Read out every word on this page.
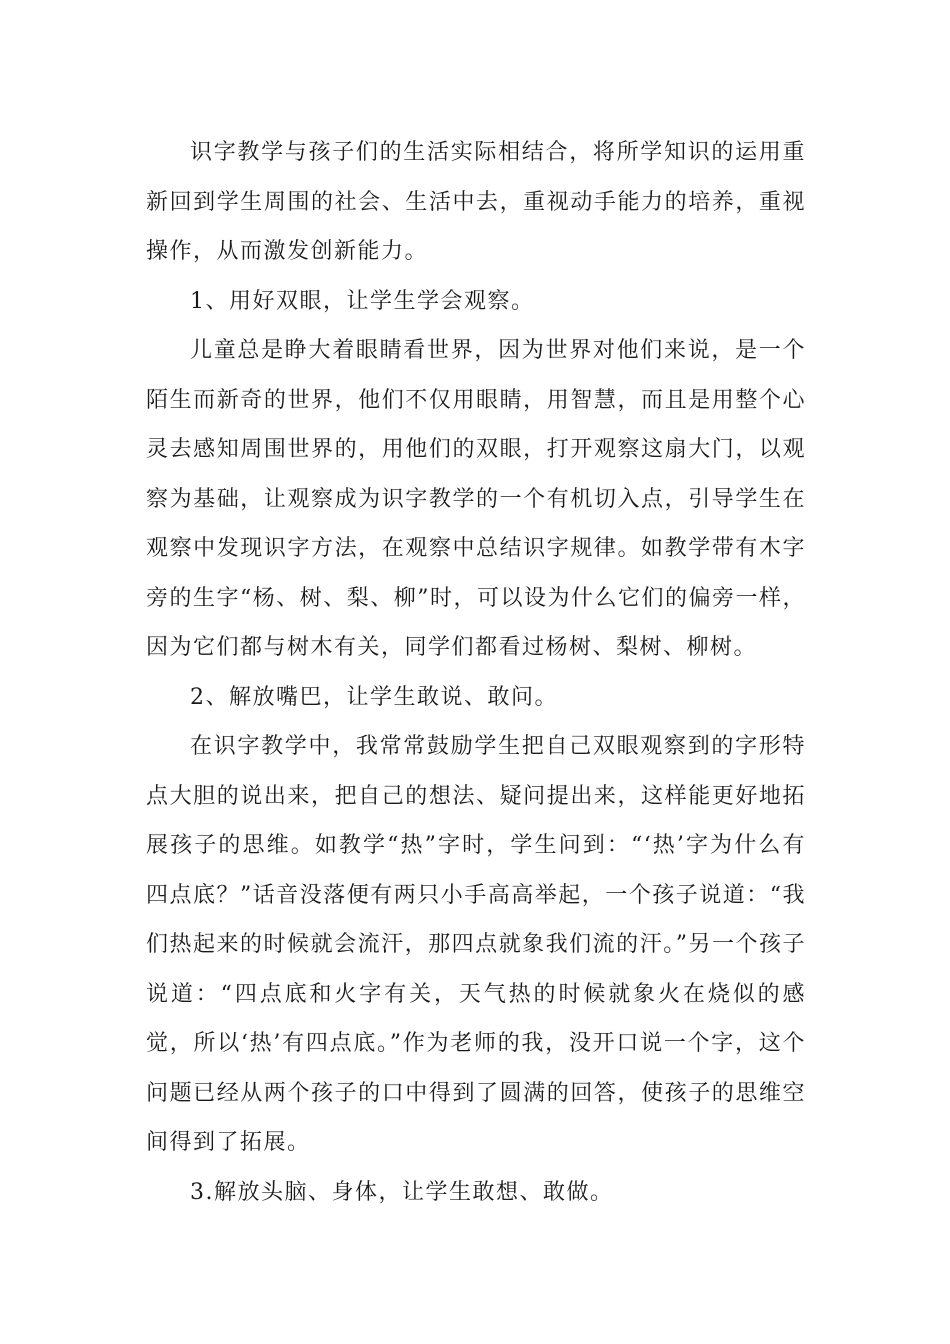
识字教学与孩子们的生活实际相结合，将所学知识的运用重新回到学生周围的社会、生活中去，重视动手能力的培养，重视操作，从而激发创新能力。

1、用好双眼，让学生学会观察。

儿童总是睁大着眼睛看世界，因为世界对他们来说，是一个陌生而新奇的世界，他们不仅用眼睛，用智慧，而且是用整个心灵去感知周围世界的，用他们的双眼，打开观察这扇大门，以观察为基础，让观察成为识字教学的一个有机切入点，引导学生在观察中发现识字方法，在观察中总结识字规律。如教学带有木字旁的生字“杨、树、梨、柳”时，可以设为什么它们的偏旁一样，因为它们都与树木有关，同学们都看过杨树、梨树、柳树。

2、解放嘴巴，让学生敢说、敢问。

在识字教学中，我常常鼓励学生把自己双眼观察到的字形特点大胆的说出来，把自己的想法、疑问提出来，这样能更好地拓展孩子的思维。如教学“热”字时，学生问到：“‘热’字为什么有四点底？”话音没落便有两只小手高高举起，一个孩子说道：“我们热起来的时候就会流汗，那四点就象我们流的汗。”另一个孩子说道：“四点底和火字有关，天气热的时候就象火在烧似的感觉，所以‘热’有四点底。”作为老师的我，没开口说一个字，这个问题已经从两个孩子的口中得到了圆满的回答，使孩子的思维空间得到了拓展。

3.解放头脑、身体，让学生敢想、敢做。
